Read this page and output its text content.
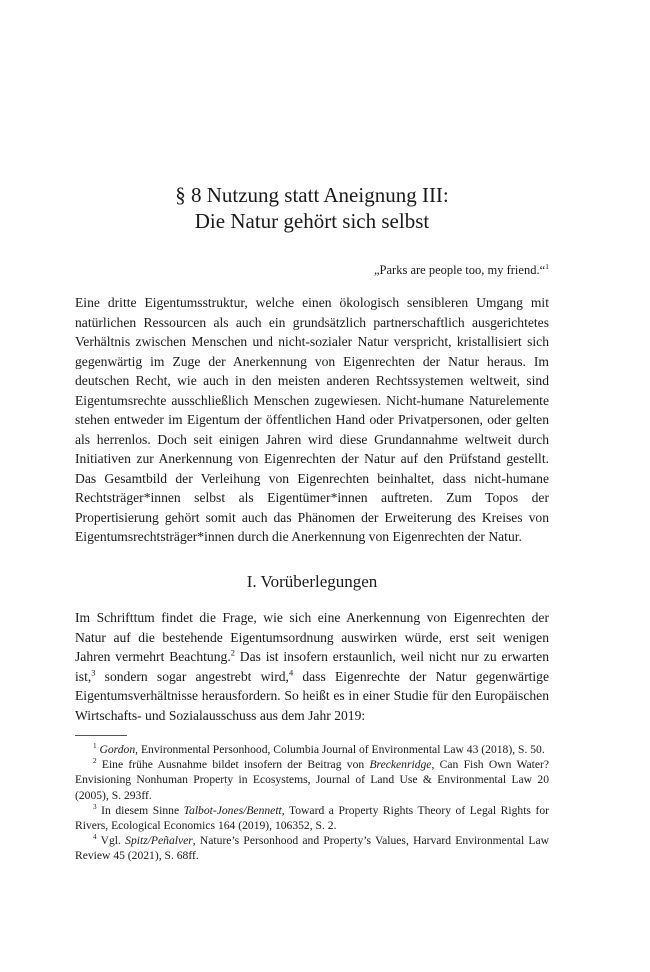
§ 8 Nutzung statt Aneignung III:
Die Natur gehört sich selbst
„Parks are people too, my friend.“$^1$

Eine dritte Eigentumsstruktur, welche einen ökologisch sensibleren Umgang mit natürlichen Ressourcen als auch ein grundsätzlich partnerschaftlich ausgerichtetes Verhältnis zwischen Menschen und nicht-sozialer Natur verspricht, kristallisiert sich gegenwärtig im Zuge der Anerkennung von Eigenrechten der Natur heraus. Im deutschen Recht, wie auch in den meisten anderen Rechtssystemen weltweit, sind Eigentumsrechte ausschließlich Menschen zugewiesen. Nicht-humane Naturelemente stehen entweder im Eigentum der öffentlichen Hand oder Privatpersonen, oder gelten als herrenlos. Doch seit einigen Jahren wird diese Grundannahme weltweit durch Initiativen zur Anerkennung von Eigenrechten der Natur auf den Prüfstand gestellt. Das Gesamtbild der Verleihung von Eigenrechten beinhaltet, dass nicht-humane Rechtsträger*innen selbst als Eigentümer*innen auftreten. Zum Topos der Propertisierung gehört somit auch das Phänomen der Erweiterung des Kreises von Eigentumsrechtsträger*innen durch die Anerkennung von Eigenrechten der Natur.

I. Vorüberlegungen

Im Schrifttum findet die Frage, wie sich eine Anerkennung von Eigenrechten der Natur auf die bestehende Eigentumsordnung auswirken würde, erst seit wenigen Jahren vermehrt Beachtung.$^2$ Das ist insofern erstaunlich, weil nicht nur zu erwarten ist,$^3$ sondern sogar angestrebt wird,$^4$ dass Eigenrechte der Natur gegenwärtige Eigentumsverhältnisse herausfordern. So heißt es in einer Studie für den Europäischen Wirtschafts- und Sozialausschuss aus dem Jahr 2019:

$^1$ Gordon, Environmental Personhood, Columbia Journal of Environmental Law 43 (2018), S. 50.

$^2$ Eine frühe Ausnahme bildet insofern der Beitrag von Breckenridge, Can Fish Own Water? Envisioning Nonhuman Property in Ecosystems, Journal of Land Use & Environmental Law 20 (2005), S. 293ff.

$^3$ In diesem Sinne Talbot-Jones/Bennett, Toward a Property Rights Theory of Legal Rights for Rivers, Ecological Economics 164 (2019), 106352, S. 2.

$^4$ Vgl. Spitz/Peñalver, Nature’s Personhood and Property’s Values, Harvard Environmental Law Review 45 (2021), S. 68ff.
